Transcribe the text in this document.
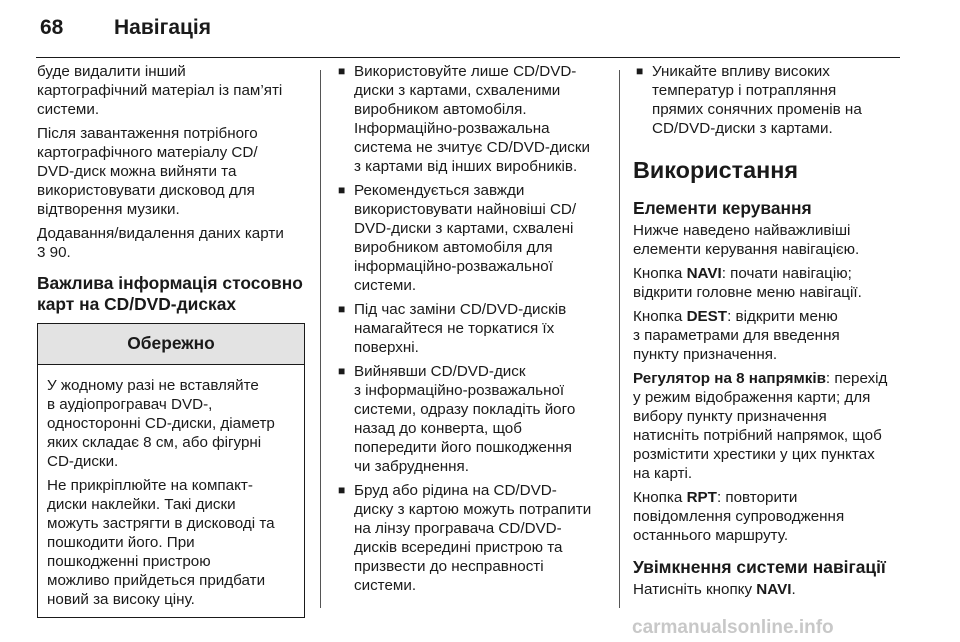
68 Навігація

буде видалити інший
картографічний матеріал із пам’яті
системи.

Після завантаження потрібного
картографічного матеріалу CD/
DVD-диск можна вийняти та
використовувати дисковод для
відтворення музики.

Додавання/видалення даних карти
3 90.

Важлива інформація стосовно
карт на CD/DVD-дисках
Обережно

У жодному разі не вставляйте
в аудіопрогравач DVD-,
односторонні CD-диски, діаметр
яких складає 8 см, або фігурні
CD-диски.

Не прикріплюйте на компакт-
диски наклейки. Такі диски
можуть застрягти в дисководі та
пошкодити його. При
пошкодженні пристрою
можливо прийдеться придбати
новий за високу ціну.

■ Використовуйте лише CD/DVD-
диски з картами, схваленими
виробником автомобіля.
Інформаційно-розважальна
система не зчитує CD/DVD-диски
з картами від інших виробників.
■ Рекомендується завжди
використовувати найновіші CD/
DVD-диски з картами, схвалені
виробником автомобіля для
інформаційно-розважальної
системи.
■ Під час заміни CD/DVD-дисків
намагайтеся не торкатися їх
поверхні.
■ Вийнявши CD/DVD-диск
з інформаційно-розважальної
системи, одразу покладіть його
назад до конверта, щоб
попередити його пошкодження
чи забруднення.
■ Бруд або рідина на CD/DVD-
диску з картою можуть потрапити
на лінзу програвача CD/DVD-
дисків всередині пристрою та
призвести до несправності
системи.
■ Уникайте впливу високих
температур і потрапляння
прямих сонячних променів на
CD/DVD-диски з картами.
Використання
Елементи керування

Нижче наведено найважливіші
елементи керування навігацією.

Кнопка NAVI: почати навігацію;
відкрити головне меню навігації.

Кнопка DEST: відкрити меню
з параметрами для введення
пункту призначення.

Регулятор на 8 напрямків: перехід
у режим відображення карти; для
вибору пункту призначення
натисніть потрібний напрямок, щоб
розмістити хрестики у цих пунктах
на карті.

Кнопка RPT: повторити
повідомлення супроводження
останнього маршруту.

Увімкнення системи навігації

Натисніть кнопку NAVI.

carmanualsonline.info
